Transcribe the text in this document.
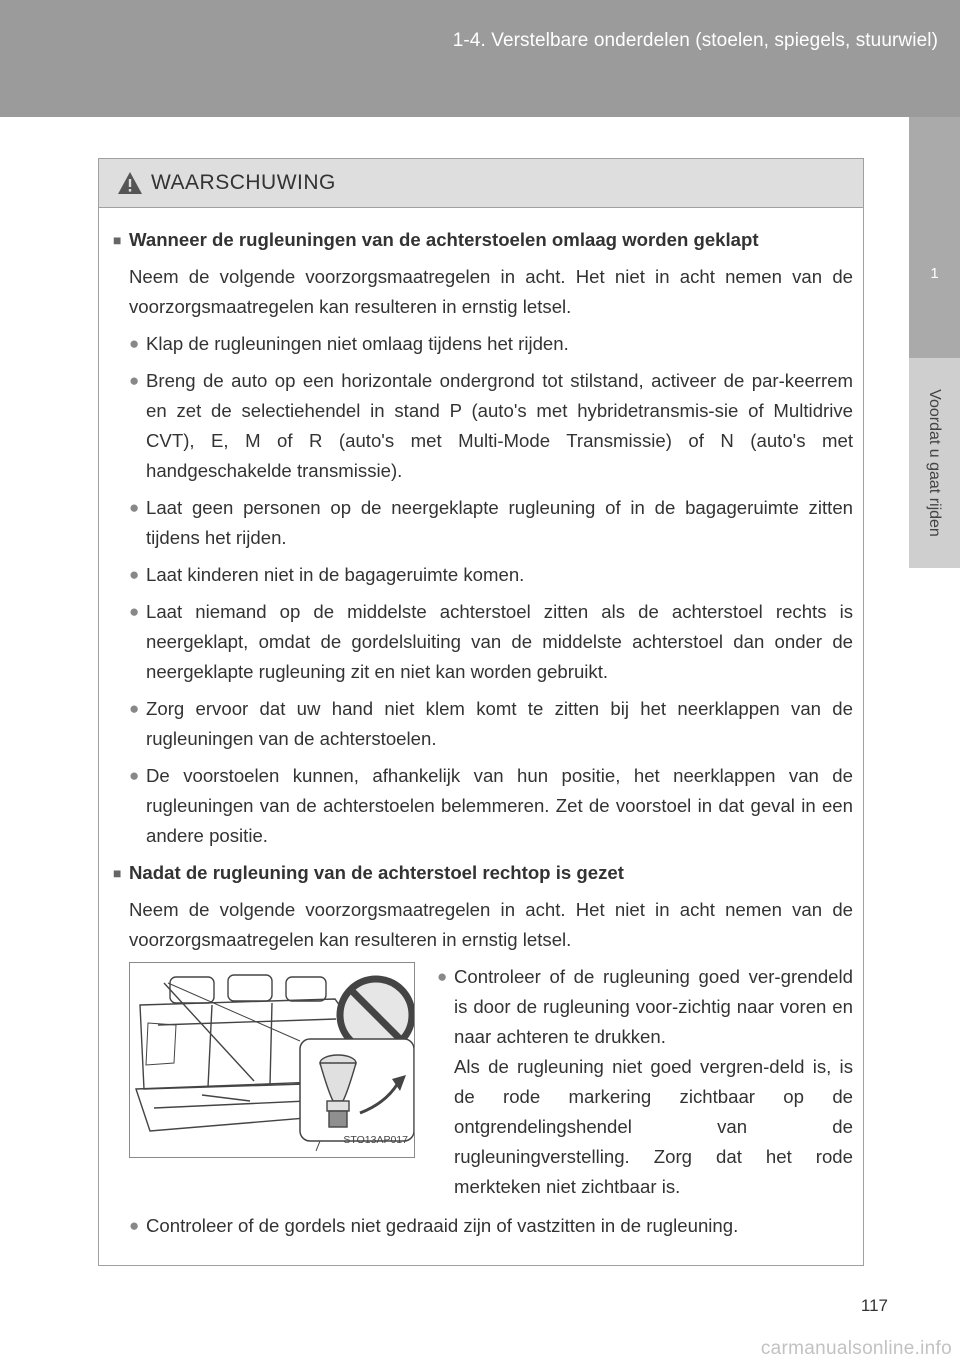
1-4. Verstelbare onderdelen (stoelen, spiegels, stuurwiel)
1
Voordat u gaat rijden
WAARSCHUWING
■ Wanneer de rugleuningen van de achterstoelen omlaag worden geklapt
Neem de volgende voorzorgsmaatregelen in acht. Het niet in acht nemen van de voorzorgsmaatregelen kan resulteren in ernstig letsel.
● Klap de rugleuningen niet omlaag tijdens het rijden.
● Breng de auto op een horizontale ondergrond tot stilstand, activeer de par-keerrem en zet de selectiehendel in stand P (auto's met hybridetransmis-sie of Multidrive CVT), E, M of R (auto's met Multi-Mode Transmissie) of N (auto's met handgeschakelde transmissie).
● Laat geen personen op de neergeklapte rugleuning of in de bagageruimte zitten tijdens het rijden.
● Laat kinderen niet in de bagageruimte komen.
● Laat niemand op de middelste achterstoel zitten als de achterstoel rechts is neergeklapt, omdat de gordelsluiting van de middelste achterstoel dan onder de neergeklapte rugleuning zit en niet kan worden gebruikt.
● Zorg ervoor dat uw hand niet klem komt te zitten bij het neerklappen van de rugleuningen van de achterstoelen.
● De voorstoelen kunnen, afhankelijk van hun positie, het neerklappen van de rugleuningen van de achterstoelen belemmeren. Zet de voorstoel in dat geval in een andere positie.
■ Nadat de rugleuning van de achterstoel rechtop is gezet
Neem de volgende voorzorgsmaatregelen in acht. Het niet in acht nemen van de voorzorgsmaatregelen kan resulteren in ernstig letsel.
STO13AP017
● Controleer of de rugleuning goed ver-grendeld is door de rugleuning voor-zichtig naar voren en naar achteren te drukken.
Als de rugleuning niet goed vergren-deld is, is de rode markering zichtbaar op de ontgrendelingshendel van de rugleuningverstelling. Zorg dat het rode merkteken niet zichtbaar is.
● Controleer of de gordels niet gedraaid zijn of vastzitten in de rugleuning.
117
carmanualsonline.info
